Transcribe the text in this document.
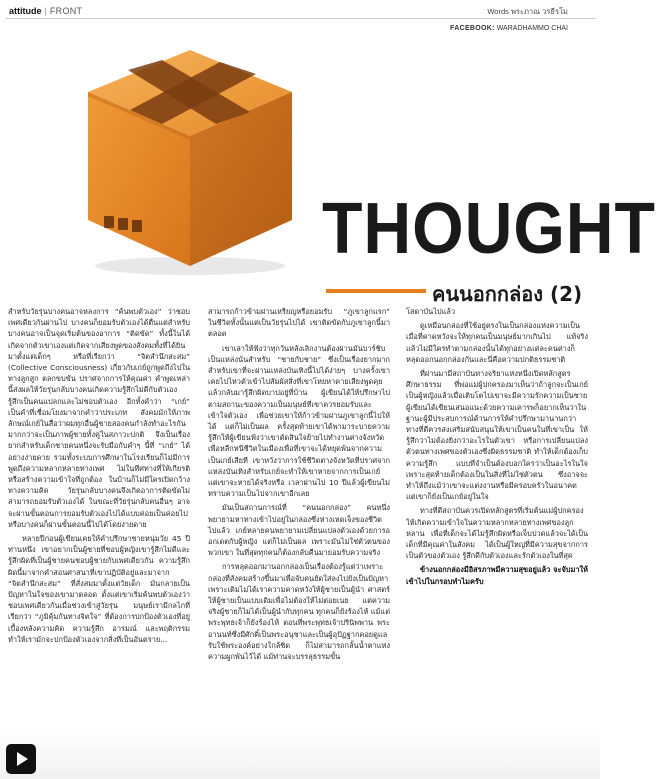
attitude | FRONT	Words พระภาณ วรธีรโม
FACEBOOK: WARADHAMMO CHAI
THOUGHT
คนนอกกล่อง (2)

สำหรับวัยรุ่นบางคนอาจหลงการ “ค้นพบตัวเอง” ว่าชอบเพศเดียวกันผ่านไป บางคนก็ยอมรับตัวเองได้ตื่นแต่สำหรับบางคนอาจเป็นจุดเริ่มต้นของอาการ “ติดขัด” ทั้งนี้ในได้เกิดจากตัวเขาเองแต่เกิดจากเสียงพูดของสังคมทั้งที่ได้ยินมาตั้งแต่เด็กๆ หรือที่เรียกว่า “จิตสำนึกสะสม” (Collective Consciousness) เกี่ยวกับเกย์ถูกพูดถึงไปในทางลูกสูก ตลกขบขัน ปราศจากการให้คุณค่า คำพูดเหล่านี้ส่งผลให้วัยรุ่นกลับบางคนเกิดความรู้สึกไม่ดีกับตัวเอง รู้สึกเป็นคนแปลกและไม่ชอบตัวเอง อีกทั้งคำว่า “เกย์” เป็นคำที่เชื่อมโยงมาจากคำว่าประเภท สังคมมักให้ภาพลักษณ์เกย์ในสื่อว่าผมทุกอื่นผู้ชายสองคนกำลังทำอะไรกัน มากกว่าจะเป็นภาพผู้ชายทั้งคู่ในสภาวะปกติ จึงเป็นเรื่องยากสำหรับเด็กชายคนหนึ่งจะรับมือกับคำๆ นี้ที่ “เกย์” ได้อย่างง่ายดาย รวมทั้งระบบการศึกษาในโรงเรียนก็ไม่มีการพูดถึงความหลากหลายทางเพศ ไม่ในทีศทางที่ให้เกียรติหรือสร้างความเข้าใจที่ถูกต้อง ในบ้านก็ไม่มีใครเปิดกว้างทางความคิด วัยรุ่นกลับบางคนจึงเกิดอาการติดขัดไม่สามารถยอมรับตัวเองได้ ในขณะที่วัยรุ่นกลับคนอื่นๆ อาจจะผ่านขั้นตอนการยอมรับตัวเองไปได้แบบค่อยเป็นค่อยไป หรือบางคนก็ผ่านขั้นตอนนี้ไปได้โดยง่ายดาย

หลายปีก่อนผู้เขียนเคยให้คำปรึกษาชายหนุ่มวัย 45 ปีท่านหนึ่ง เขาอยากเป็นผู้ชายที่ชอบผู้หญิงเขารู้สึกไม่ดีและรู้สึกผิดที่เป็นผู้ชายคนชอบผู้ชายกับเพศเดียวกัน ความรู้สึกผิดนี้มาจากคำสอนศาสนาที่เขาปฏิบัติอยู่และมาจาก “จิตสำนึกสะสม” ที่สั่งสมมาตั้งแต่วัยเด็ก มันกลายเป็นปัญหาในใจของเขามาตลอด ตั้งแต่เขาเริ่มค้นพบตัวเองว่าชอบเพศเดียวกันเมื่อช่วงเข้าสู่วัยรุ่น มนุษย์เรามีกลไกที่เรียกว่า “ภูมิคุ้มกันทางจิตใจ” ที่ต้องการปกป้องตัวเองที่อยู่เบื้องหลังความคิด ความรู้สึก อารมณ์ และพฤติกรรม ทำให้เรามักจะปกป้องตัวเองจากสิ่งที่เป็นอันตราย...

สามารถก้าวข้ามผ่านเหรียญหรือยอมรับ “ภูเขาลูกแรก” ในชีวิตทั้งนั้นแต่เป็นวัยรุ่นไปได้ เขาติดขัดกับภูเขาลูกนี้มาตลอด

เขาเล่าให้ฟังว่าทุกวันหลังเลิกงานต้องผ่านมันบาร์ชิบเป็นแหล่งนั่นสำหรับ “ชายกับชาย” ซึ่งเป็นเรื่องยากมากสำหรับเขาที่จะผ่านแหล่งบันเทิงนี้ไปได้ง่ายๆ บางครั้งเขาเคยไปไหวตัวเข้าไปสัมผัสสิ่งที่เขาโหยหาคายเสียงพูดคุย แล้วกลับมารู้สึกผิดบาปอยู่ที่บ้าน ผู้เขียนได้ให้ปรึกษาไปตามสถานะของความเป็นมนุษย์ที่เขาควรยอมรับและเข้าใจตัวเอง เพื่อช่วยเขาให้ก้าวข้ามผ่านภูเขาลูกนี้ไปให้ได้ แต่ก็ไม่เป็นผล ครั้งสุดท้ายเขาได้พามาระบายความรู้สึกให้ผู้เขียนฟังว่าเขาตัดสินใจย้ายไปทำงานต่างจังหวัด เพื่อหลีกหนีชีวิตในเมืองเพื่อที่เขาจะได้หยุดพ้นจากความเป็นเกย์เสียที เขาหวังว่าการใช้ชีวิตต่างจังหวัดที่ปราศจากแหล่งบันเทิงสำหรับเกย์จะทำให้เขาหายจากการเป็นเกย์ แต่เขาจะหายได้จริงหรือ เวลาผ่านไป 10 ปีแล้วผู้เขียนไม่ทราบความเป็นไปจากเขาอีกเลย

มันเป็นสถานการณ์ที่ “คนนอกกล่อง” คนหนึ่งพยายามหาทางเข้าไปอยู่ในกล่องซึ่งห่างเหดเจ็งของชีวิตไปแล้ว เกย์หลายคนพยายามเปลี่ยนแปลงตัวเองด้วยการออกเดตกับผู้หญิง แต่ก็ไม่เป็นผล เพราะมันไม่ใช่ตัวตนของพวกเขา ในที่สุดทุกคนก็ต้องกลับคืนมายอมรับความจริง

การหลุดออกมานอกกล่องเป็นเรื่องต้องรู้แต่ว่าเพราะกล่องที่สังคมสร้างขึ้นมาเพื่อจับคนยัดใส่ลงไปยังเป็นปัญหา เพราะเดิมไม่ได้เราความคาดหวังให้ผู้ชายเป็นผู้นำ ศาสตร์ให้ผู้ชายเป็นแบบเดิมเพื่อไม่ต้องให้ไม่ต่อยเนย แต่ความจริงผู้ชายก็ไม่ได้เป็นผู้นำกับทุกคน ทุกคนก็ยังร้องไห้ แม้แต่พระพุทธเจ้าก็ยังร้องไห้ ตอนที่พระพุทธเจ้าปรินิพพาน พระอานนท์ซึ่งมีศักดิ์เป็นพระอนุชาและเป็นผู้อุปัฏฐากคอยดูแลรับใช้พระองค์อย่างใกล้ชิด ก็ไม่สามารถกลั้นน้ำตาแห่งความผูกพันไว้ได้ แม้ท่านจะบรรลุธรรมขั้น

โสดาบันไปแล้ว

ดูเหมือนกล่องที่ใช้อยู่ตรงในเป็นกล่องแห่งความเป็นเมื่อที่คาดหวังจะให้ทุกคนเป็นมนุษย์มากเกินไป แท้จริงแล้วไม่มีใครทำตามกล่องนั้นได้ทุกอย่างแต่ละคนต่างก็หลุดออกนอกกล่องกันและนี่คือความปกติธรรมชาติ

ที่ผ่านมามีสถาบันทางจริยาแห่งหนึ่งเปิดหลักสูตรศึกษาธรรม ที่พ่อแม่ผู้ปกครองมาเห็นว่าถ้าลูกจะเป็นเกย์เป็นผู้หญิงแล้วเมื่อเติบโตไปเขาจะมีความรักความเป็นชาย ผู้เขียนได้เขียนเสนอแนะด้วยความเคารพก็อยากเห็นว่าในฐานะผู้มีประสบการณ์ด้านการให้คำปรึกษามานานกว่า ทางที่ดีควรส่งเสริมสนับสนุนให้เขาเป็นคนในที่เขาเป็น ให้รู้สึกว่าไม่ต้องยิ่งกว่าอะไรในตัวเขา หรือการเปลี่ยนแปลงตัวตนทางเพศของตัวเองซึ่งผิดธรรมชาติ ทำให้เด็กต้องเก็บความรู้สึก แบบที่จำเป็นต้องบอกใครว่าเป็นอะไรในใจ เพราะสุดท้ายเด็กต้องเป็นในสิ่งที่ไม่ใช่ตัวตน ซึ่งอาจจะทำให้ถึงแม้ว่าเขาจะแต่งงานหรือมีครอบครัวในอนาคต แต่เขาก็ยังเป็นเกย์อยู่ในใจ

ทางที่ดีสถาบันควรเปิดหลักสูตรที่เริ่มต้นแม่ผู้ปกครองให้เกิดความเข้าใจในความหลากหลายทางเพศของลูกหลาน เพื่อที่เด็กจะได้ไม่รู้สึกผิดหรือเจ็บปวดแล้วจะได้เป็นเด็กที่มีคุณค่าในสังคม ได้เป็นผู้ใหญ่ที่มีความสุขจากการเป็นตัวของตัวเอง รู้สึกดีกับตัวเองและรักตัวเองในที่สุด

ข้างนอกกล่องมีอิสรภาพมีความสุขอยู่แล้ว จะจับมาให้เข้าไปในกรอบทำไมครับ
